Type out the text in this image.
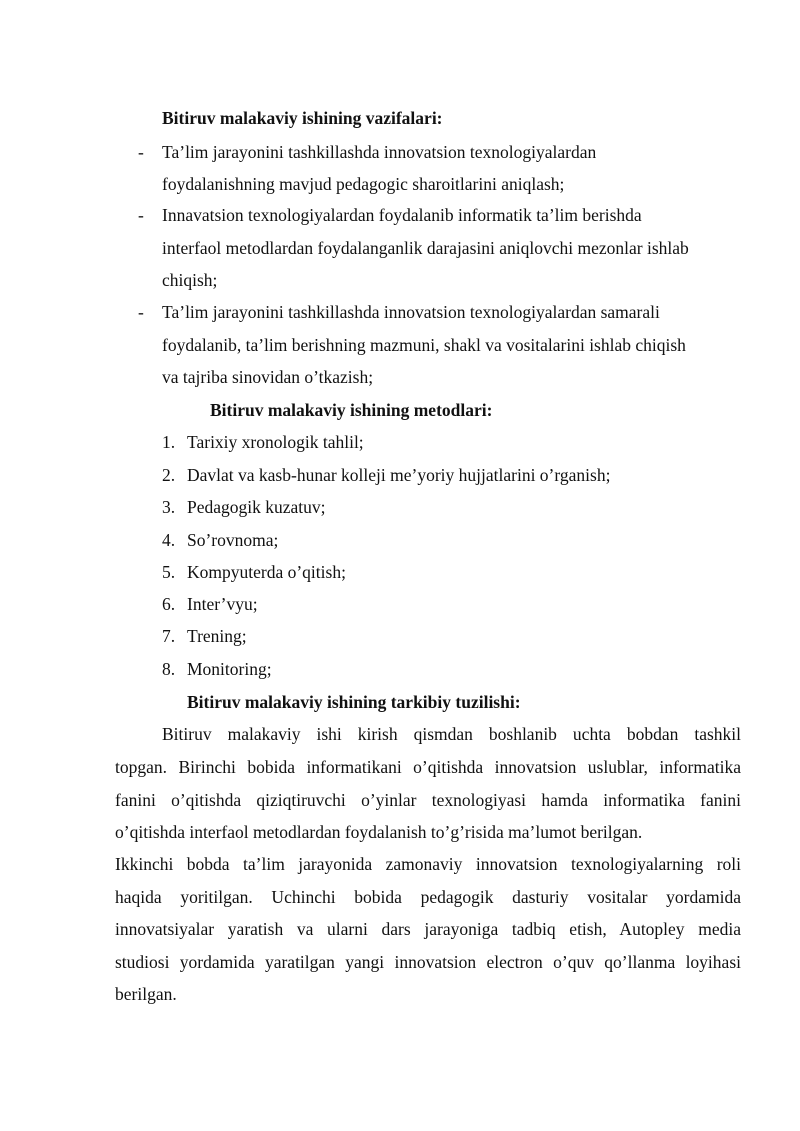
Bitiruv malakaviy ishining vazifalari:
- Ta’lim jarayonini tashkillashda innovatsion texnologiyalardan
foydalanishning mavjud pedagogic sharoitlarini aniqlash;
- Innavatsion texnologiyalardan foydalanib informatik ta’lim berishda
interfaol metodlardan foydalanganlik darajasini aniqlovchi mezonlar ishlab
chiqish;
- Ta’lim jarayonini tashkillashda innovatsion texnologiyalardan samarali
foydalanib, ta’lim berishning mazmuni, shakl va vositalarini ishlab chiqish
va tajriba sinovidan o’tkazish;
Bitiruv malakaviy ishining metodlari:
1. Tarixiy xronologik tahlil;
2. Davlat va kasb-hunar kolleji me’yoriy hujjatlarini o’rganish;
3. Pedagogik kuzatuv;
4. So’rovnoma;
5. Kompyuterda o’qitish;
6. Inter’vyu;
7. Trening;
8. Monitoring;
Bitiruv malakaviy ishining tarkibiy tuzilishi:
Bitiruv malakaviy ishi kirish qismdan boshlanib uchta bobdan tashkil
topgan. Birinchi bobida informatikani o’qitishda innovatsion uslublar, informatika
fanini o’qitishda qiziqtiruvchi o’yinlar texnologiyasi hamda informatika fanini
o’qitishda interfaol metodlardan foydalanish to’g’risida ma’lumot berilgan.
Ikkinchi bobda ta’lim jarayonida zamonaviy innovatsion texnologiyalarning roli
haqida yoritilgan. Uchinchi bobida pedagogik dasturiy vositalar yordamida
innovatsiyalar yaratish va ularni dars jarayoniga tadbiq etish, Autopley media
studiosi yordamida yaratilgan yangi innovatsion electron o’quv qo’llanma loyihasi
berilgan.
